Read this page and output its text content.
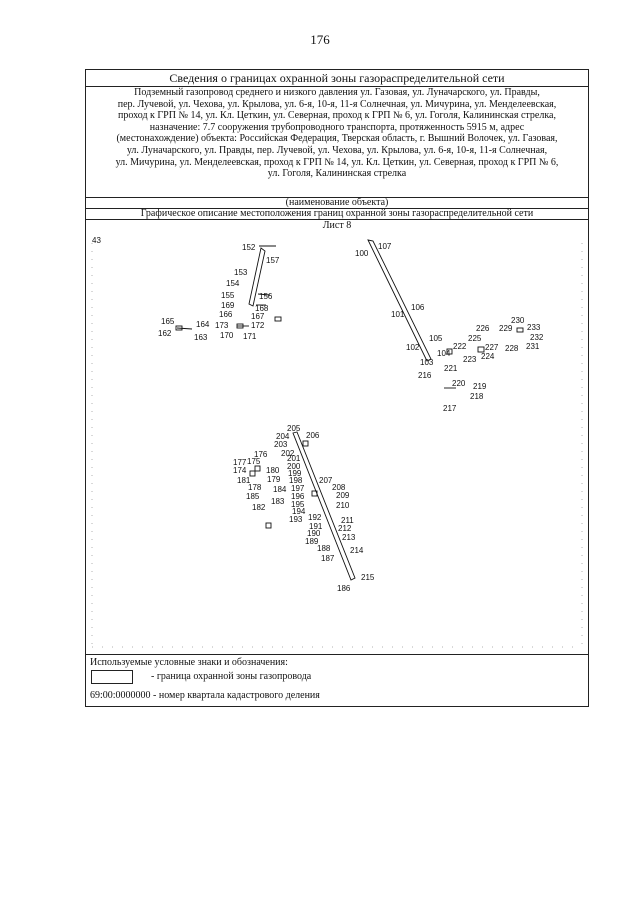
176
Сведения о границах охранной зоны газораспределительной сети
Подземный газопровод среднего и низкого давления ул. Газовая, ул. Луначарского, ул. Правды,
пер. Лучевой, ул. Чехова, ул. Крылова, ул. 6-я, 10-я, 11-я Солнечная, ул. Мичурина, ул. Менделеевская,
проход к ГРП № 14, ул. Кл. Цеткин, ул. Северная, проход к ГРП № 6, ул. Гоголя, Калининская стрелка,
назначение: 7.7 сооружения трубопроводного транспорта, протяженность 5915 м, адрес
(местонахождение) объекта: Российская Федерация, Тверская область, г. Вышний Волочек, ул. Газовая,
ул. Луначарского, ул. Правды, пер. Лучевой, ул. Чехова, ул. Крылова, ул. 6-я, 10-я, 11-я Солнечная,
ул. Мичурина, ул. Менделеевская, проход к ГРП № 14, ул. Кл. Цеткин, ул. Северная, проход к ГРП № 6,
ул. Гоголя, Калининская стрелка
(наименование объекта)
Графическое описание местоположения границ охранной зоны газораспределительной сети
Лист 8
43
152
157
153
154
155	156
169	168
166 167
165	164
162	163
173	172
170 171
100
107
101
106
102
105
103
104
216
221
223 224
222 227
225
226 229
230
233
228
232
231
220 219
218
217
205
206
204
203
202
176 201
177 175
200
174 180 199
181 179 198 207
178 184 197	208
185	196	209
183
182	195	210
194
192 211
193
191 212
190	213
189
188 214
187
215
186
Используемые условные знаки и обозначения:
- граница охранной зоны газопровода
69:00:0000000 - номер квартала кадастрового деления
